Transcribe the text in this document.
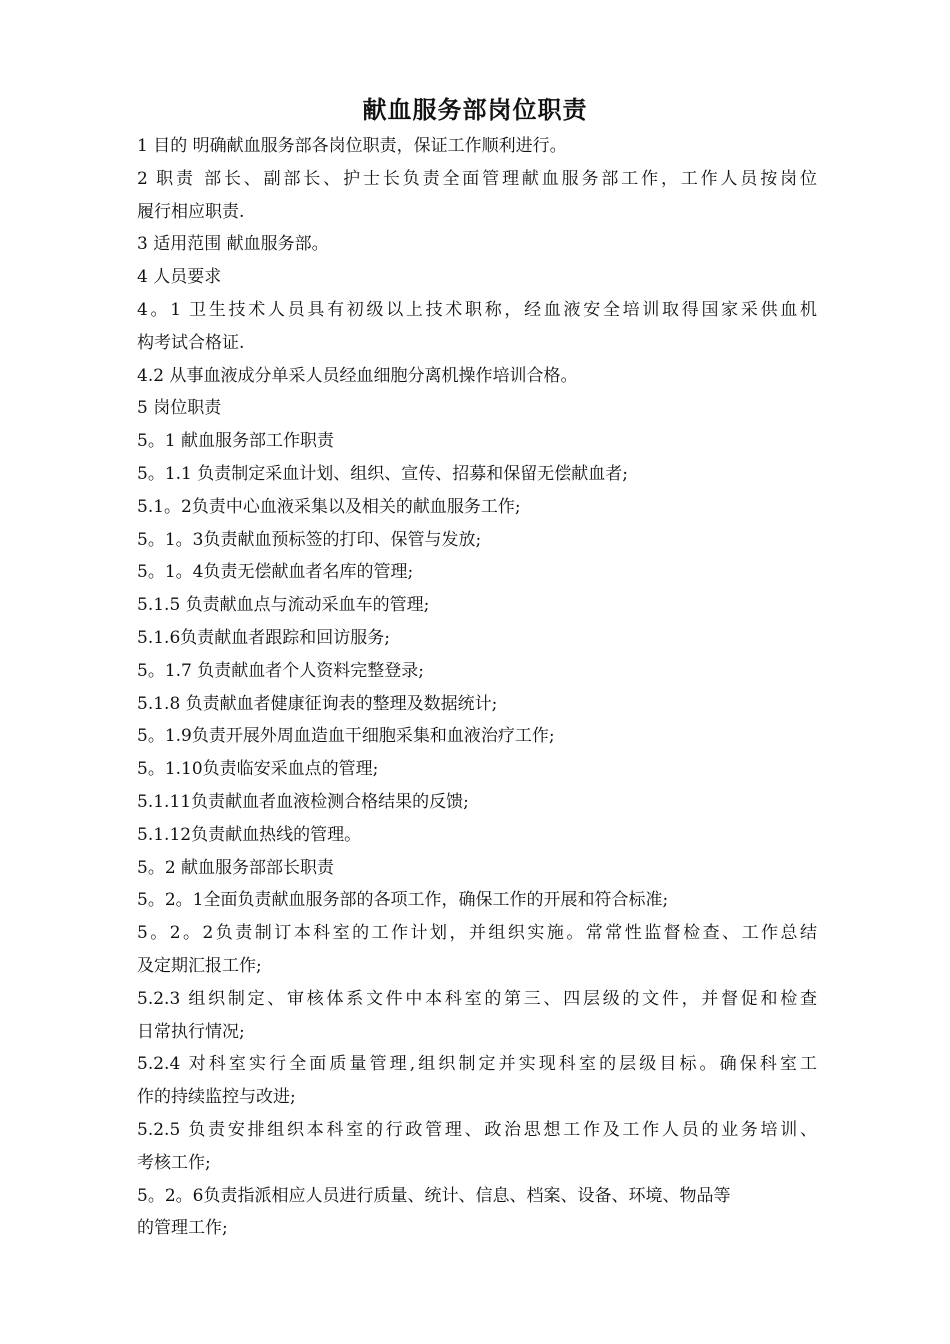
献血服务部岗位职责
1 目的 明确献血服务部各岗位职责，保证工作顺利进行。
2 职责 部长、副部长、护士长负责全面管理献血服务部工作，工作人员按岗位
履行相应职责.
3 适用范围 献血服务部。
4 人员要求
4。1 卫生技术人员具有初级以上技术职称，经血液安全培训取得国家采供血机
构考试合格证.
4.2 从事血液成分单采人员经血细胞分离机操作培训合格。
5 岗位职责
5。1 献血服务部工作职责
5。1.1 负责制定采血计划、组织、宣传、招募和保留无偿献血者;
5.1。2负责中心血液采集以及相关的献血服务工作;
5。1。3负责献血预标签的打印、保管与发放;
5。1。4负责无偿献血者名库的管理;
5.1.5 负责献血点与流动采血车的管理;
5.1.6负责献血者跟踪和回访服务;
5。1.7 负责献血者个人资料完整登录;
5.1.8 负责献血者健康征询表的整理及数据统计;
5。1.9负责开展外周血造血干细胞采集和血液治疗工作;
5。1.10负责临安采血点的管理;
5.1.11负责献血者血液检测合格结果的反馈;
5.1.12负责献血热线的管理。
5。2 献血服务部部长职责
5。2。1全面负责献血服务部的各项工作，确保工作的开展和符合标准;
5。2。2负责制订本科室的工作计划，并组织实施。常常性监督检查、工作总结
及定期汇报工作;
5.2.3 组织制定、审核体系文件中本科室的第三、四层级的文件，并督促和检查
日常执行情况;
5.2.4 对科室实行全面质量管理,组织制定并实现科室的层级目标。确保科室工
作的持续监控与改进;
5.2.5 负责安排组织本科室的行政管理、政治思想工作及工作人员的业务培训、
考核工作;
5。2。6负责指派相应人员进行质量、统计、信息、档案、设备、环境、物品等
的管理工作;
